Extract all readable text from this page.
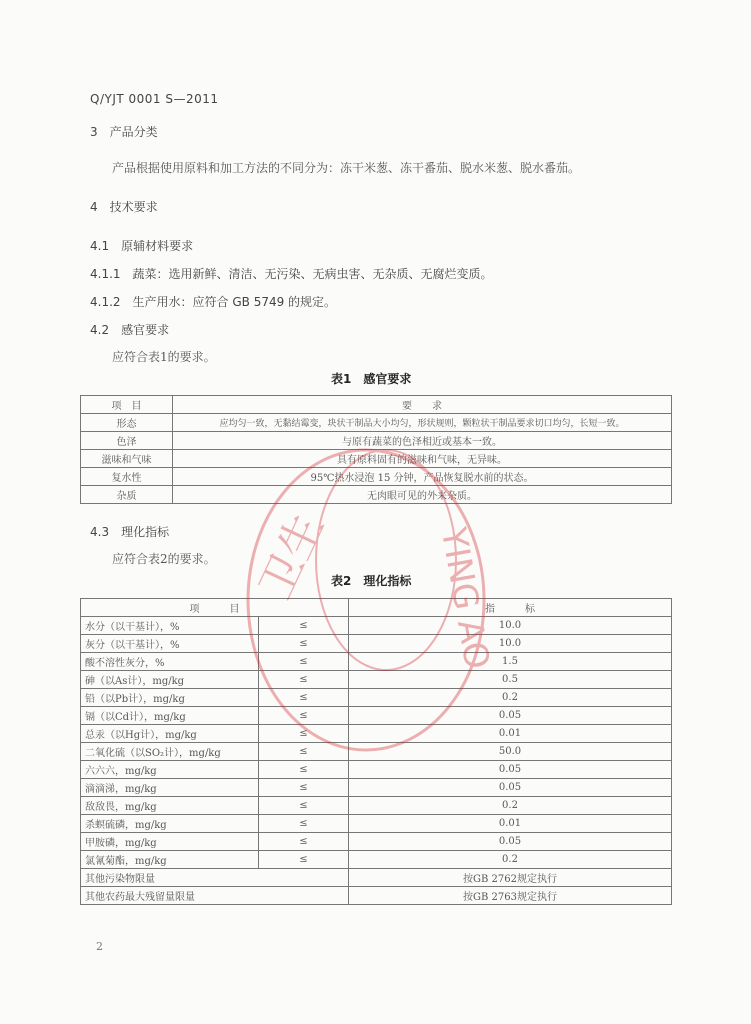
Q/YJT 0001 S—2011
3　产品分类
产品根据使用原料和加工方法的不同分为：冻干米葱、冻干番茄、脱水米葱、脱水番茄。
4　技术要求
4.1　原辅材料要求
4.1.1　蔬菜：选用新鲜、清洁、无污染、无病虫害、无杂质、无腐烂变质。
4.1.2　生产用水：应符合 GB 5749 的规定。
4.2　感官要求
应符合表1的要求。
表1　感官要求
项　目	要　　求
形态	应均匀一致，无黏结霉变，块状干制品大小均匀，形状规则，颗粒状干制品要求切口均匀，长短一致。
色泽	与原有蔬菜的色泽相近或基本一致。
滋味和气味	具有原料固有的滋味和气味，无异味。
复水性	95℃热水浸泡 15 分钟，产品恢复脱水前的状态。
杂质	无肉眼可见的外来杂质。
4.3　理化指标
应符合表2的要求。
表2　理化指标
项　　　目		指　　　标
水分（以干基计），%	≤	10.0
灰分（以干基计），%	≤	10.0
酸不溶性灰分，%	≤	1.5
砷（以As计），mg/kg	≤	0.5
铅（以Pb计），mg/kg	≤	0.2
镉（以Cd计），mg/kg	≤	0.05
总汞（以Hg计），mg/kg	≤	0.01
二氧化硫（以SO₂计），mg/kg	≤	50.0
六六六，mg/kg	≤	0.05
滴滴涕，mg/kg	≤	0.05
敌敌畏，mg/kg	≤	0.2
杀螟硫磷，mg/kg	≤	0.01
甲胺磷，mg/kg	≤	0.05
氯氰菊酯，mg/kg	≤	0.2
其他污染物限量		按GB 2762规定执行
其他农药最大残留量限量		按GB 2763规定执行
2
卫生	YING AO
